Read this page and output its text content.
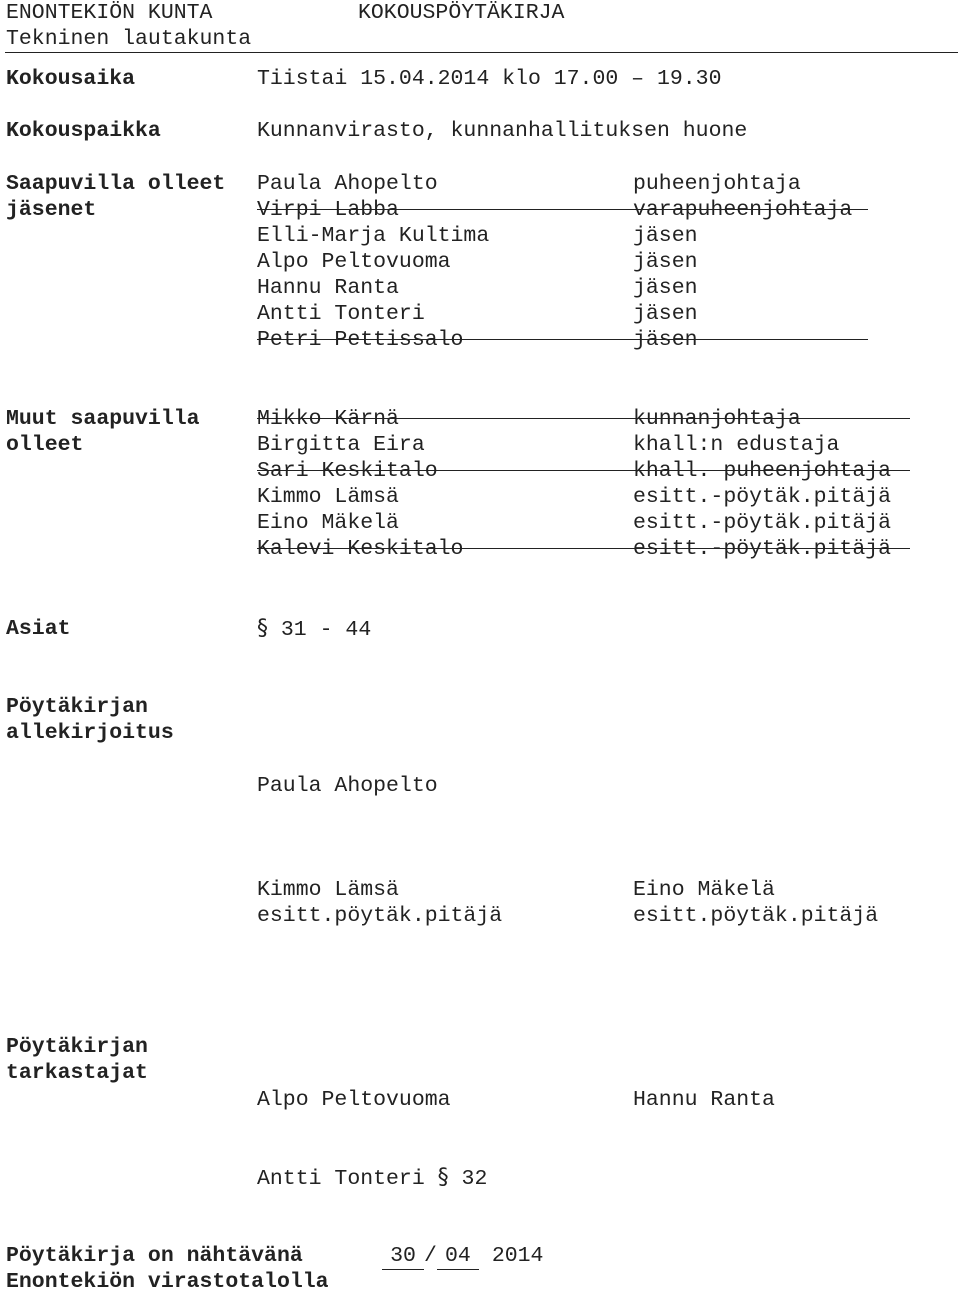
ENONTEKIÖN KUNTA	KOKOUSPÖYTÄKIRJA
Tekninen lautakunta
Kokousaika	Tiistai 15.04.2014 klo 17.00 – 19.30
Kokouspaikka	Kunnanvirasto, kunnanhallituksen huone
Saapuvilla olleet
jäsenet
Paula Ahopelto	puheenjohtaja
Virpi Labba	varapuheenjohtaja
Elli-Marja Kultima	jäsen
Alpo Peltovuoma	jäsen
Hannu Ranta	jäsen
Antti Tonteri	jäsen
Petri Pettissalo	jäsen
Muut saapuvilla
olleet
Mikko Kärnä	kunnanjohtaja
Birgitta Eira	khall:n edustaja
Sari Keskitalo	khall. puheenjohtaja
Kimmo Lämsä	esitt.-pöytäk.pitäjä
Eino Mäkelä	esitt.-pöytäk.pitäjä
Kalevi Keskitalo	esitt.-pöytäk.pitäjä
Asiat	§ 31 - 44
Pöytäkirjan
allekirjoitus
Paula Ahopelto
Kimmo Lämsä
esitt.pöytäk.pitäjä
Eino Mäkelä
esitt.pöytäk.pitäjä
Pöytäkirjan
tarkastajat
Alpo Peltovuoma	Hannu Ranta
Antti Tonteri § 32
Pöytäkirja on nähtävänä
Enontekiön virastotalolla
30 / 04 2014
